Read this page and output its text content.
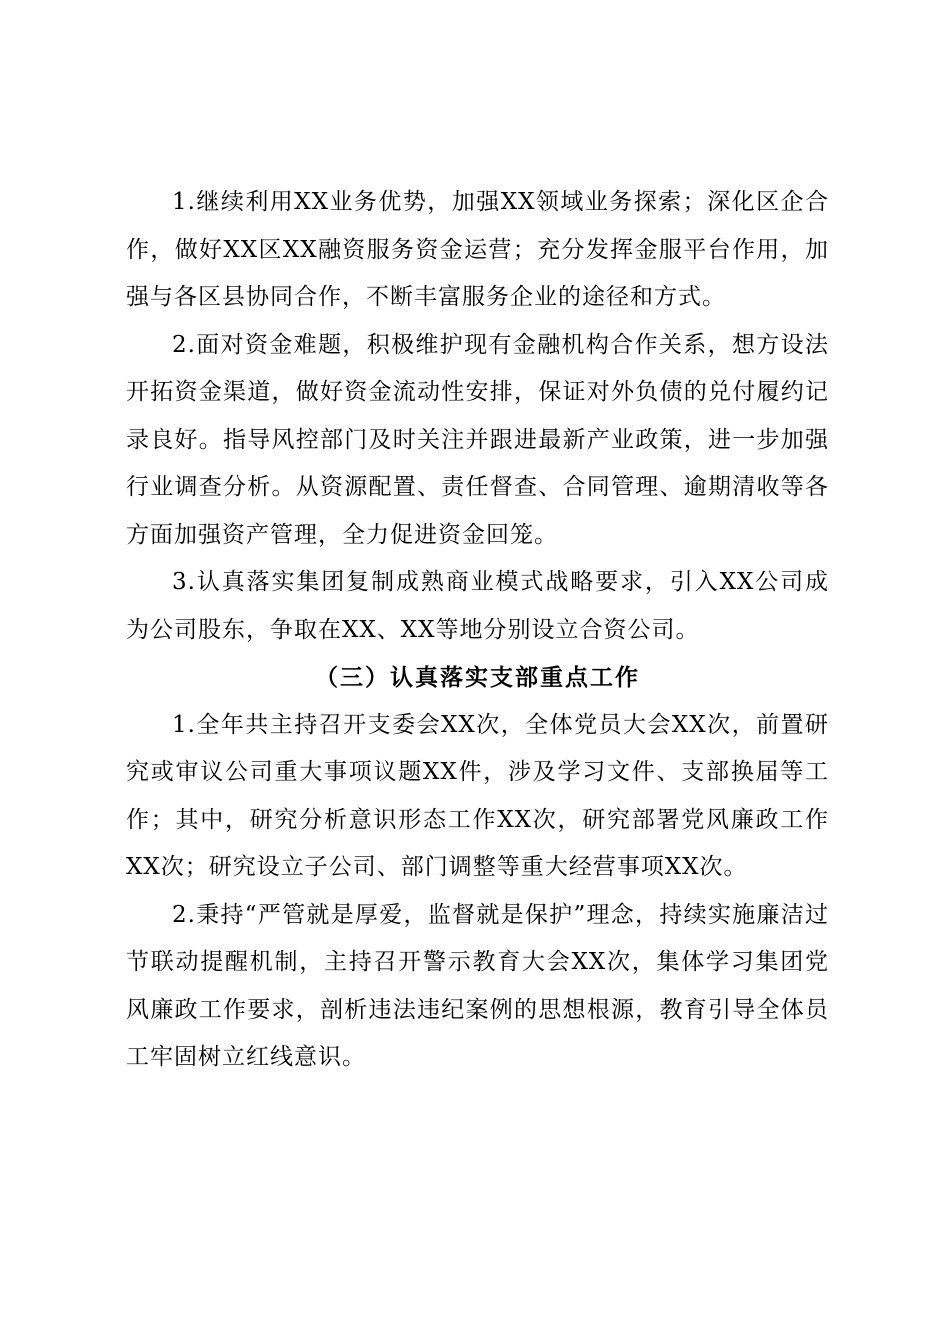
1.继续利用XX业务优势，加强XX领域业务探索；深化区企合作，做好XX区XX融资服务资金运营；充分发挥金服平台作用，加强与各区县协同合作，不断丰富服务企业的途径和方式。

2.面对资金难题，积极维护现有金融机构合作关系，想方设法开拓资金渠道，做好资金流动性安排，保证对外负债的兑付履约记录良好。指导风控部门及时关注并跟进最新产业政策，进一步加强行业调查分析。从资源配置、责任督查、合同管理、逾期清收等各方面加强资产管理，全力促进资金回笼。

3.认真落实集团复制成熟商业模式战略要求，引入XX公司成为公司股东，争取在XX、XX等地分别设立合资公司。

（三）认真落实支部重点工作

1.全年共主持召开支委会XX次，全体党员大会XX次，前置研究或审议公司重大事项议题XX件，涉及学习文件、支部换届等工作；其中，研究分析意识形态工作XX次，研究部署党风廉政工作XX次；研究设立子公司、部门调整等重大经营事项XX次。

2.秉持“严管就是厚爱，监督就是保护”理念，持续实施廉洁过节联动提醒机制，主持召开警示教育大会XX次，集体学习集团党风廉政工作要求，剖析违法违纪案例的思想根源，教育引导全体员工牢固树立红线意识。
